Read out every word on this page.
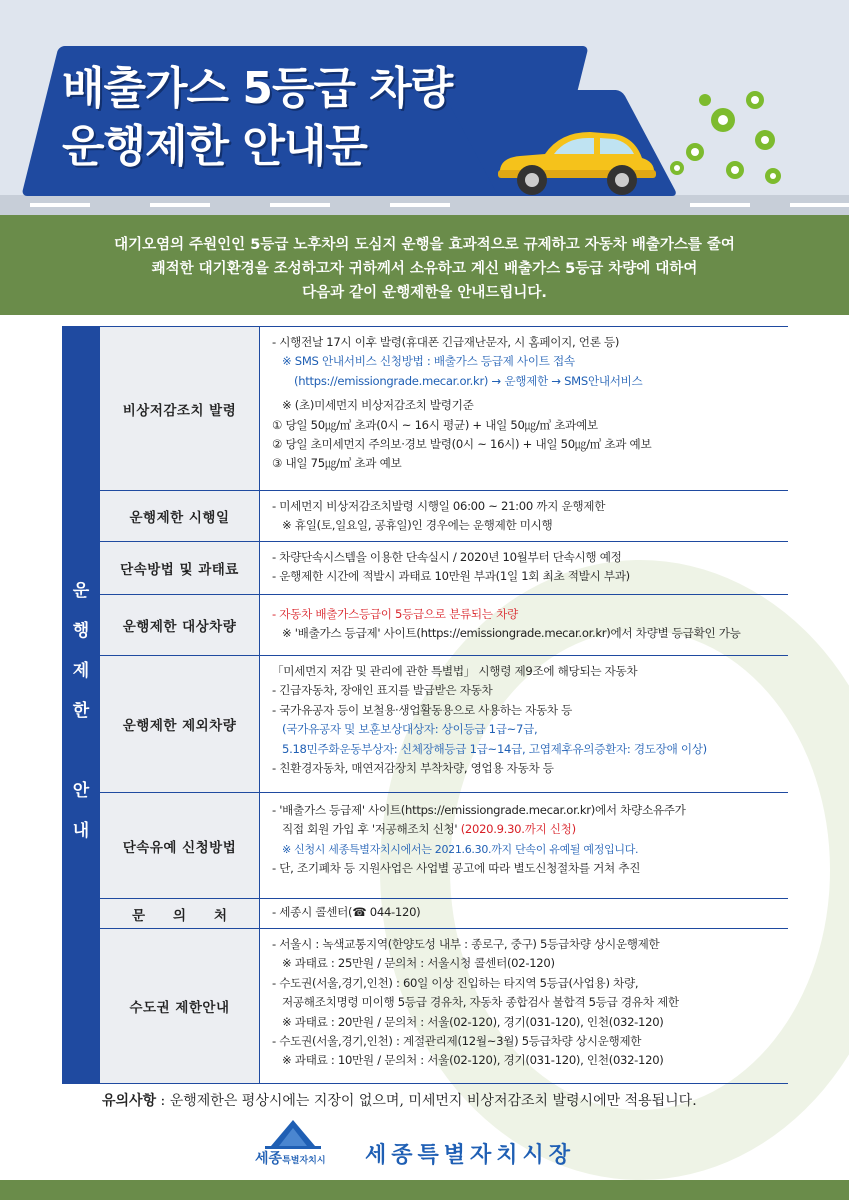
배출가스 5등급 차량
운행제한 안내문
대기오염의 주원인인 5등급 노후차의 도심지 운행을 효과적으로 규제하고 자동차 배출가스를 줄여
쾌적한 대기환경을 조성하고자 귀하께서 소유하고 계신 배출가스 5등급 차량에 대하여
다음과 같이 운행제한을 안내드립니다.
운
행
제
한
안
내
비상저감조치 발령
- 시행전날 17시 이후 발령(휴대폰 긴급재난문자, 시 홈페이지, 언론 등)
※ SMS 안내서비스 신청방법 : 배출가스 등급제 사이트 접속
(https://emissiongrade.mecar.or.kr) → 운행제한 → SMS안내서비스
※ (초)미세먼지 비상저감조치 발령기준
① 당일 50㎍/㎥ 초과(0시 ~ 16시 평균) + 내일 50㎍/㎥ 초과예보
② 당일 초미세먼지 주의보·경보 발령(0시 ~ 16시) + 내일 50㎍/㎥ 초과 예보
③ 내일 75㎍/㎥ 초과 예보
운행제한 시행일
- 미세먼지 비상저감조치발령 시행일 06:00 ~ 21:00 까지 운행제한
※ 휴일(토,일요일, 공휴일)인 경우에는 운행제한 미시행
단속방법 및 과태료
- 차량단속시스템을 이용한 단속실시 / 2020년 10월부터 단속시행 예정
- 운행제한 시간에 적발시 과태료 10만원 부과(1일 1회 최초 적발시 부과)
운행제한 대상차량
- 자동차 배출가스등급이 5등급으로 분류되는 차량
※ '배출가스 등급제' 사이트(https://emissiongrade.mecar.or.kr)에서 차량별 등급확인 가능
운행제한 제외차량
「미세먼지 저감 및 관리에 관한 특별법」 시행령 제9조에 해당되는 자동차
- 긴급자동차, 장애인 표지를 발급받은 자동차
- 국가유공자 등이 보철용·생업활동용으로 사용하는 자동차 등
(국가유공자 및 보훈보상대상자: 상이등급 1급~7급,
5.18민주화운동부상자: 신체장해등급 1급~14급, 고엽제후유의증환자: 경도장애 이상)
- 친환경자동차, 매연저감장치 부착차량, 영업용 자동차 등
단속유예 신청방법
- '배출가스 등급제' 사이트(https://emissiongrade.mecar.or.kr)에서 차량소유주가
직접 회원 가입 후 '저공해조치 신청' (2020.9.30.까지 신청)
※ 신청시 세종특별자치시에서는 2021.6.30.까지 단속이 유예될 예정입니다.
- 단, 조기폐차 등 지원사업은 사업별 공고에 따라 별도신청절차를 거쳐 추진
문의처	- 세종시 콜센터(☎ 044-120)
수도권 제한안내
- 서울시 : 녹색교통지역(한양도성 내부 : 종로구, 중구) 5등급차량 상시운행제한
※ 과태료 : 25만원 / 문의처 : 서울시청 콜센터(02-120)
- 수도권(서울,경기,인천) : 60일 이상 진입하는 타지역 5등급(사업용) 차량,
저공해조치명령 미이행 5등급 경유차, 자동차 종합검사 불합격 5등급 경유차 제한
※ 과태료 : 20만원 / 문의처 : 서울(02-120), 경기(031-120), 인천(032-120)
- 수도권(서울,경기,인천) : 계절관리제(12월~3월) 5등급차량 상시운행제한
※ 과태료 : 10만원 / 문의처 : 서울(02-120), 경기(031-120), 인천(032-120)
유의사항 : 운행제한은 평상시에는 지장이 없으며, 미세먼지 비상저감조치 발령시에만 적용됩니다.
세종특별자치시 세종특별자치시장
